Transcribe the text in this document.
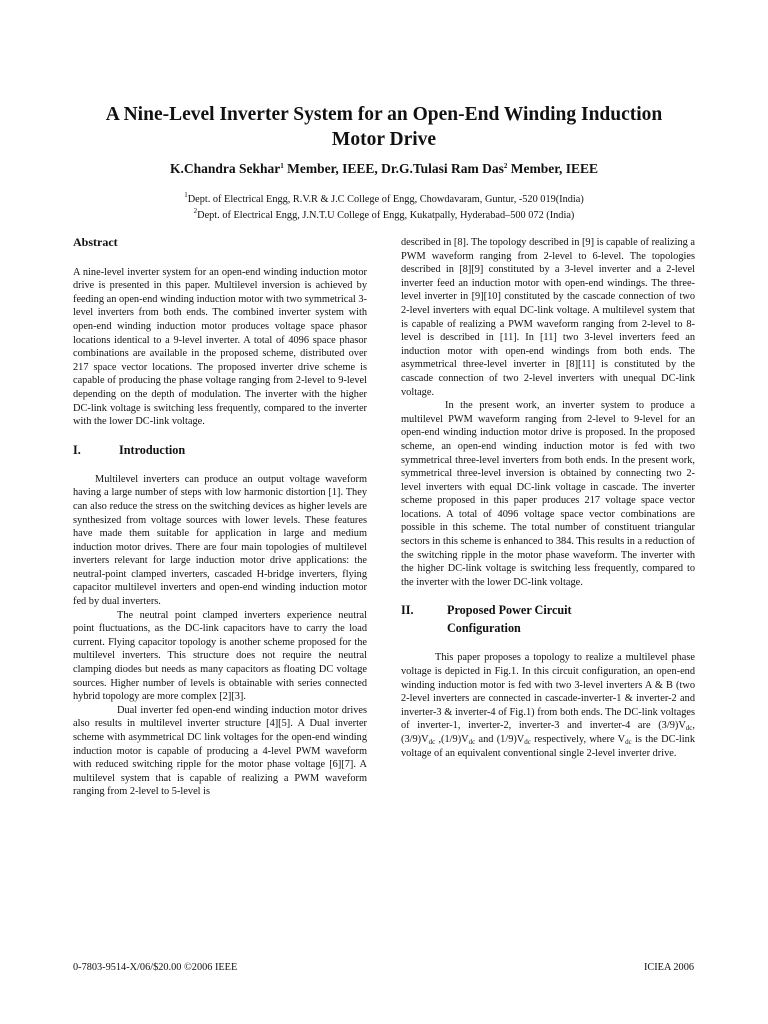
A Nine-Level Inverter System for an Open-End Winding Induction
Motor Drive
K.Chandra Sekhar$^1$ Member, IEEE, Dr.G.Tulasi Ram Das$^2$ Member, IEEE
$^1$Dept. of Electrical Engg, R.V.R & J.C College of Engg, Chowdavaram, Guntur, -520 019(India)
$^2$Dept. of Electrical Engg, J.N.T.U College of Engg, Kukatpally, Hyderabad–500 072 (India)
Abstract

A nine-level inverter system for an open-end winding induction motor drive is presented in this paper. Multilevel inversion is achieved by feeding an open-end winding induction motor with two symmetrical 3-level inverters from both ends. The combined inverter system with open-end winding induction motor produces voltage space phasor locations identical to a 9-level inverter. A total of 4096 space phasor combinations are available in the proposed scheme, distributed over 217 space vector locations. The proposed inverter drive scheme is capable of producing the phase voltage ranging from 2-level to 9-level depending on the depth of modulation. The inverter with the higher DC-link voltage is switching less frequently, compared to the inverter with the lower DC-link voltage.

I.	Introduction

Multilevel inverters can produce an output voltage waveform having a large number of steps with low harmonic distortion [1]. They can also reduce the stress on the switching devices as higher levels are synthesized from voltage sources with lower levels. These features have made them suitable for application in large and medium induction motor drives. There are four main topologies of multilevel inverters relevant for large induction motor drive applications: the neutral-point clamped inverters, cascaded H-bridge inverters, flying capacitor multilevel inverters and open-end winding induction motor fed by dual inverters.

The neutral point clamped inverters experience neutral point fluctuations, as the DC-link capacitors have to carry the load current. Flying capacitor topology is another scheme proposed for the multilevel inverters. This structure does not require the neutral clamping diodes but needs as many capacitors as floating DC voltage sources. Higher number of levels is obtainable with series connected hybrid topology are more complex [2][3].

Dual inverter fed open-end winding induction motor drives also results in multilevel inverter structure [4][5]. A Dual inverter scheme with asymmetrical DC link voltages for the open-end winding induction motor is capable of producing a 4-level PWM waveform with reduced switching ripple for the motor phase voltage [6][7]. A multilevel system that is capable of realizing a PWM waveform ranging from 2-level to 5-level is

described in [8]. The topology described in [9] is capable of realizing a PWM waveform ranging from 2-level to 6-level. The topologies described in [8][9] constituted by a 3-level inverter and a 2-level inverter feed an induction motor with open-end windings. The three-level inverter in [9][10] constituted by the cascade connection of two 2-level inverters with equal DC-link voltage. A multilevel system that is capable of realizing a PWM waveform ranging from 2-level to 8-level is described in [11]. In [11] two 3-level inverters feed an induction motor with open-end windings from both ends. The asymmetrical three-level inverter in [8][11] is constituted by the cascade connection of two 2-level inverters with unequal DC-link voltage.

In the present work, an inverter system to produce a multilevel PWM waveform ranging from 2-level to 9-level for an open-end winding induction motor drive is proposed. In the proposed scheme, an open-end winding induction motor is fed with two symmetrical three-level inverters from both ends. In the present work, symmetrical three-level inversion is obtained by connecting two 2- level inverters with equal DC-link voltage in cascade. The inverter scheme proposed in this paper produces 217 voltage space vector locations. A total of 4096 voltage space vector combinations are possible in this scheme. The total number of constituent triangular sectors in this scheme is enhanced to 384. This results in a reduction of the switching ripple in the motor phase waveform. The inverter with the higher DC-link voltage is switching less frequently, compared to the inverter with the lower DC-link voltage.

II.	Proposed Power Circuit
Configuration

This paper proposes a topology to realize a multilevel phase voltage is depicted in Fig.1. In this circuit configuration, an open-end winding induction motor is fed with two 3-level inverters A & B (two 2-level inverters are connected in cascade-inverter-1 & inverter-2 and inverter-3 & inverter-4 of Fig.1) from both ends. The DC-link voltages of inverter-1, inverter-2, inverter-3 and inverter-4 are $(3/9)V_{dc}$, $(3/9)V_{dc}$ $,(1/9)V_{dc}$ and $(1/9)V_{dc}$ respectively, where $V_{dc}$ is the DC-link voltage of an equivalent conventional single 2-level inverter drive.

0-7803-9514-X/06/$20.00 ©2006 IEEE	ICIEA 2006
